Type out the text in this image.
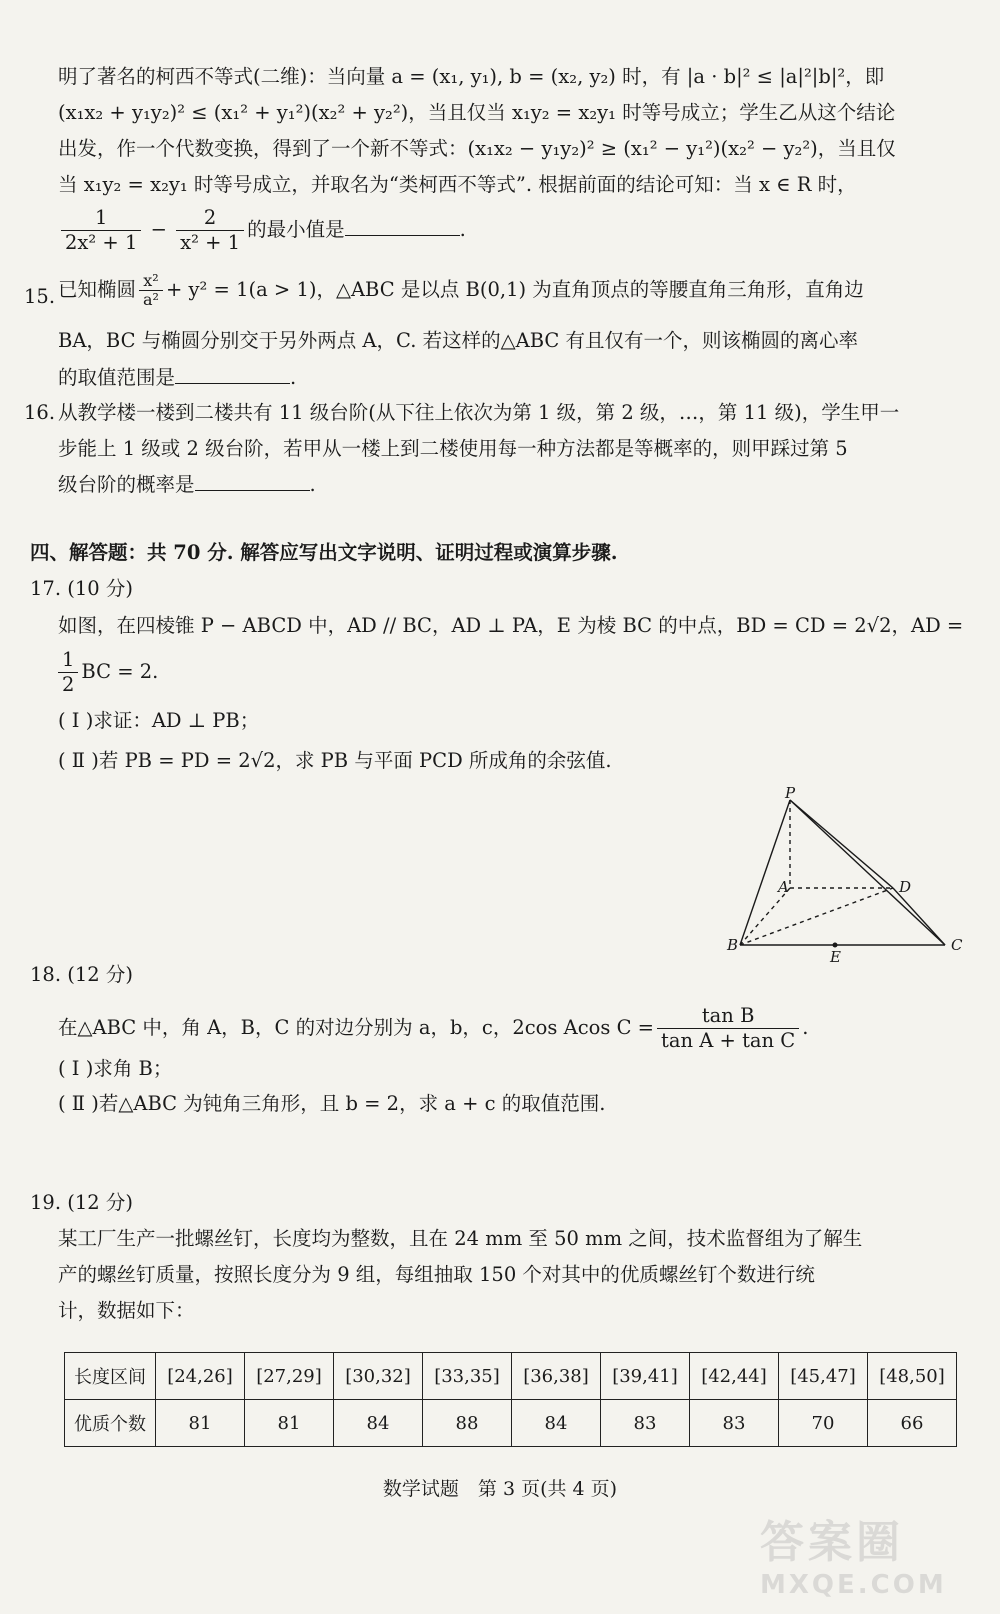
明了著名的柯西不等式(二维)：当向量 a = (x₁, y₁), b = (x₂, y₂) 时，有 |a · b|² ≤ |a|²|b|²，即
(x₁x₂ + y₁y₂)² ≤ (x₁² + y₁²)(x₂² + y₂²)，当且仅当 x₁y₂ = x₂y₁ 时等号成立；学生乙从这个结论
出发，作一个代数变换，得到了一个新不等式：(x₁x₂ − y₁y₂)² ≥ (x₁² − y₁²)(x₂² − y₂²)，当且仅
当 x₁y₂ = x₂y₁ 时等号成立，并取名为“类柯西不等式”. 根据前面的结论可知：当 x ∈ R 时，
$\frac{1}{\text{2x² + 1}} - \frac{2}{\text{x² + 1}}$ 的最小值是	.
15. 已知椭圆 $\frac{\text{x²}}{\text{a²}} + y^2 = 1(a > 1)$，△ABC 是以点 B(0,1) 为直角顶点的等腰直角三角形，直角边
BA，BC 与椭圆分别交于另外两点 A，C. 若这样的△ABC 有且仅有一个，则该椭圆的离心率
的取值范围是	.
16. 从教学楼一楼到二楼共有 11 级台阶(从下往上依次为第 1 级，第 2 级，…，第 11 级)，学生甲一
步能上 1 级或 2 级台阶，若甲从一楼上到二楼使用每一种方法都是等概率的，则甲踩过第 5
级台阶的概率是	.
四、解答题：共 70 分. 解答应写出文字说明、证明过程或演算步骤.
17. (10 分)
如图，在四棱锥 P − ABCD 中，AD // BC，AD ⊥ PA，E 为棱 BC 的中点，BD = CD = 2√2，AD =
$\frac{1}{2}$ BC = 2.
( Ⅰ )求证：AD ⊥ PB；
( Ⅱ )若 PB = PD = 2√2，求 PB 与平面 PCD 所成角的余弦值.
P
A	D
B
E
C
18. (12 分)
在△ABC 中，角 A，B，C 的对边分别为 a，b，c，2cos Acos $C = \frac{\text{tan B}}{\text{tan A + tan C}}$ .
( Ⅰ )求角 B；
( Ⅱ )若△ABC 为钝角三角形，且 b = 2，求 a + c 的取值范围.
19. (12 分)
某工厂生产一批螺丝钉，长度均为整数，且在 24 mm 至 50 mm 之间，技术监督组为了解生
产的螺丝钉质量，按照长度分为 9 组，每组抽取 150 个对其中的优质螺丝钉个数进行统
计，数据如下：
长度区间	[24,26]	[27,29]	[30,32]	[33,35]	[36,38]	[39,41]	[42,44]	[45,47]	[48,50]
优质个数	81	81	84	88	84	83	83	70	66
数学试题　第 3 页(共 4 页)
答案圈
MXQE.COM
